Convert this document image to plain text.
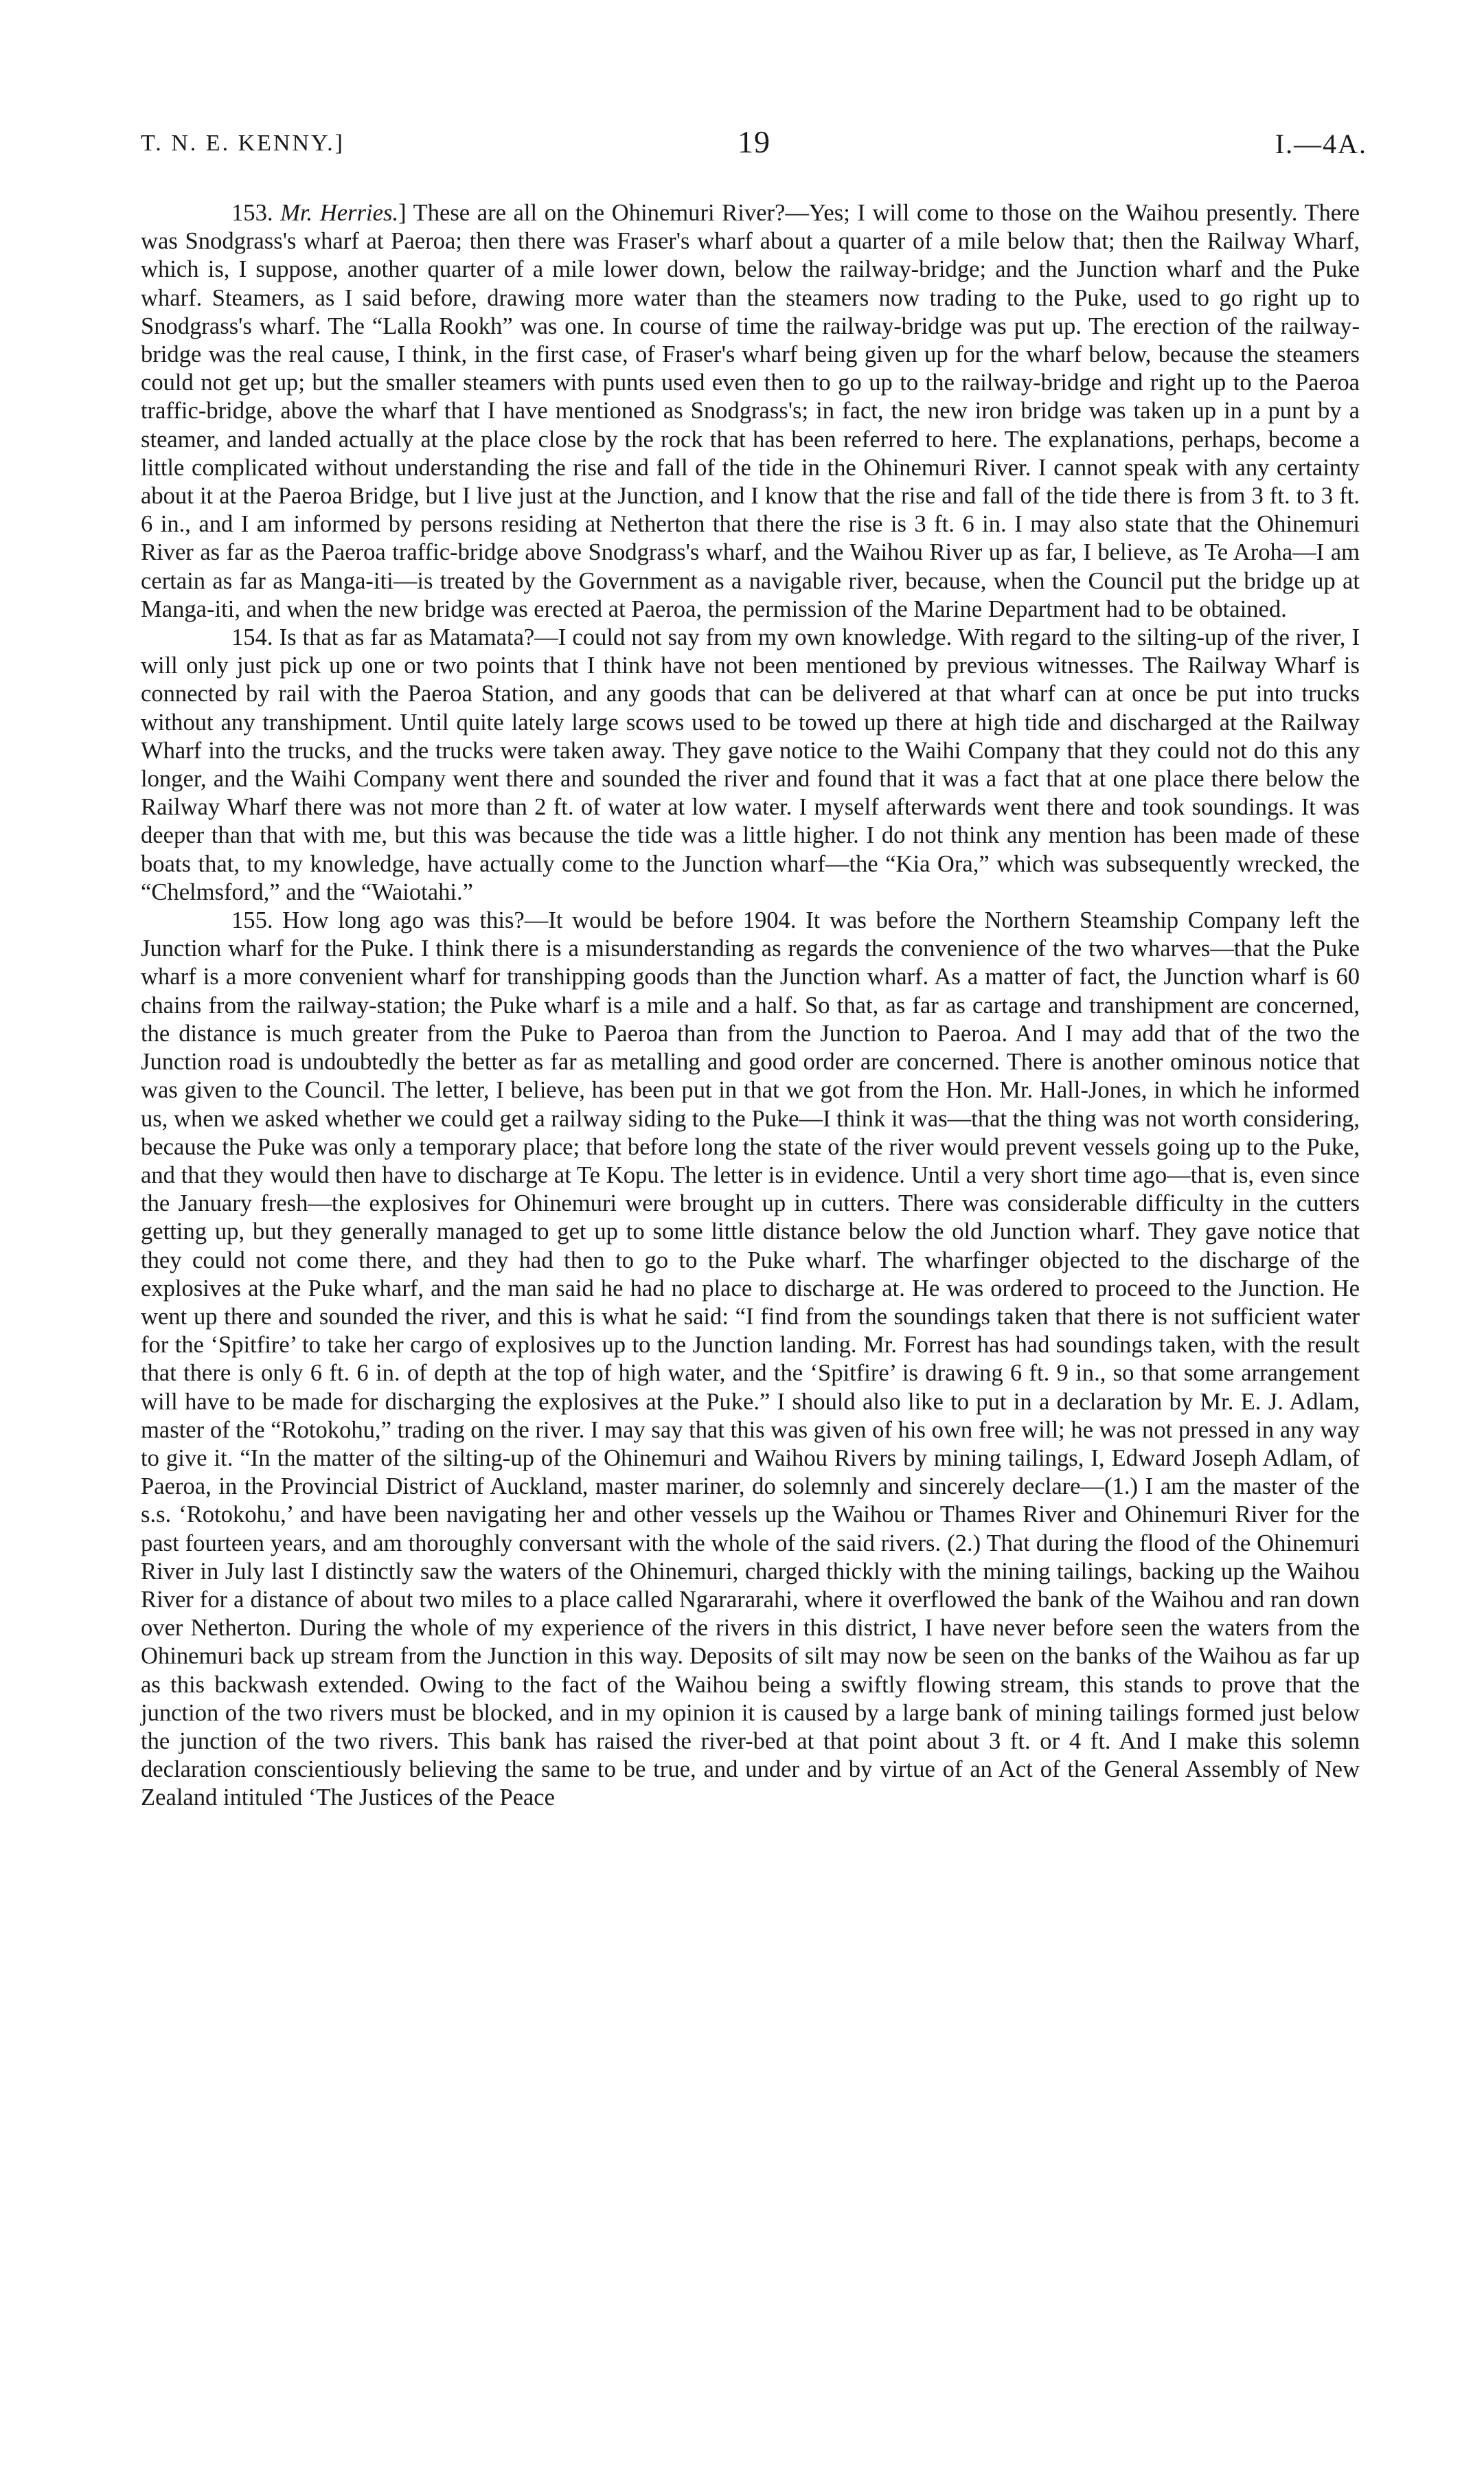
T. N. E. KENNY.]	19	I.—4A.

153. Mr. Herries.] These are all on the Ohinemuri River?—Yes; I will come to those on the Waihou presently. There was Snodgrass's wharf at Paeroa; then there was Fraser's wharf about a quarter of a mile below that; then the Railway Wharf, which is, I suppose, another quarter of a mile lower down, below the railway-bridge; and the Junction wharf and the Puke wharf. Steamers, as I said before, drawing more water than the steamers now trading to the Puke, used to go right up to Snodgrass's wharf. The “Lalla Rookh” was one. In course of time the railway-bridge was put up. The erection of the railway-bridge was the real cause, I think, in the first case, of Fraser's wharf being given up for the wharf below, because the steamers could not get up; but the smaller steamers with punts used even then to go up to the railway-bridge and right up to the Paeroa traffic-bridge, above the wharf that I have mentioned as Snodgrass's; in fact, the new iron bridge was taken up in a punt by a steamer, and landed actually at the place close by the rock that has been referred to here. The explanations, perhaps, become a little complicated without understanding the rise and fall of the tide in the Ohinemuri River. I cannot speak with any certainty about it at the Paeroa Bridge, but I live just at the Junction, and I know that the rise and fall of the tide there is from 3 ft. to 3 ft. 6 in., and I am informed by persons residing at Netherton that there the rise is 3 ft. 6 in. I may also state that the Ohinemuri River as far as the Paeroa traffic-bridge above Snodgrass's wharf, and the Waihou River up as far, I believe, as Te Aroha—I am certain as far as Manga-iti—is treated by the Government as a navigable river, because, when the Council put the bridge up at Manga-iti, and when the new bridge was erected at Paeroa, the permission of the Marine Department had to be obtained.

154. Is that as far as Matamata?—I could not say from my own knowledge. With regard to the silting-up of the river, I will only just pick up one or two points that I think have not been mentioned by previous witnesses. The Railway Wharf is connected by rail with the Paeroa Station, and any goods that can be delivered at that wharf can at once be put into trucks without any transhipment. Until quite lately large scows used to be towed up there at high tide and discharged at the Railway Wharf into the trucks, and the trucks were taken away. They gave notice to the Waihi Company that they could not do this any longer, and the Waihi Company went there and sounded the river and found that it was a fact that at one place there below the Railway Wharf there was not more than 2 ft. of water at low water. I myself afterwards went there and took soundings. It was deeper than that with me, but this was because the tide was a little higher. I do not think any mention has been made of these boats that, to my knowledge, have actually come to the Junction wharf—the “Kia Ora,” which was subsequently wrecked, the “Chelmsford,” and the “Waiotahi.”

155. How long ago was this?—It would be before 1904. It was before the Northern Steamship Company left the Junction wharf for the Puke. I think there is a misunderstanding as regards the convenience of the two wharves—that the Puke wharf is a more convenient wharf for transhipping goods than the Junction wharf. As a matter of fact, the Junction wharf is 60 chains from the railway-station; the Puke wharf is a mile and a half. So that, as far as cartage and transhipment are concerned, the distance is much greater from the Puke to Paeroa than from the Junction to Paeroa. And I may add that of the two the Junction road is undoubtedly the better as far as metalling and good order are concerned. There is another ominous notice that was given to the Council. The letter, I believe, has been put in that we got from the Hon. Mr. Hall-Jones, in which he informed us, when we asked whether we could get a railway siding to the Puke—I think it was—that the thing was not worth considering, because the Puke was only a temporary place; that before long the state of the river would prevent vessels going up to the Puke, and that they would then have to discharge at Te Kopu. The letter is in evidence. Until a very short time ago—that is, even since the January fresh—the explosives for Ohinemuri were brought up in cutters. There was considerable difficulty in the cutters getting up, but they generally managed to get up to some little distance below the old Junction wharf. They gave notice that they could not come there, and they had then to go to the Puke wharf. The wharfinger objected to the discharge of the explosives at the Puke wharf, and the man said he had no place to discharge at. He was ordered to proceed to the Junction. He went up there and sounded the river, and this is what he said: “I find from the soundings taken that there is not sufficient water for the ‘Spitfire’ to take her cargo of explosives up to the Junction landing. Mr. Forrest has had soundings taken, with the result that there is only 6 ft. 6 in. of depth at the top of high water, and the ‘Spitfire’ is drawing 6 ft. 9 in., so that some arrangement will have to be made for discharging the explosives at the Puke.” I should also like to put in a declaration by Mr. E. J. Adlam, master of the “Rotokohu,” trading on the river. I may say that this was given of his own free will; he was not pressed in any way to give it. “In the matter of the silting-up of the Ohinemuri and Waihou Rivers by mining tailings, I, Edward Joseph Adlam, of Paeroa, in the Provincial District of Auckland, master mariner, do solemnly and sincerely declare—(1.) I am the master of the s.s. ‘Rotokohu,’ and have been navigating her and other vessels up the Waihou or Thames River and Ohinemuri River for the past fourteen years, and am thoroughly conversant with the whole of the said rivers. (2.) That during the flood of the Ohinemuri River in July last I distinctly saw the waters of the Ohinemuri, charged thickly with the mining tailings, backing up the Waihou River for a distance of about two miles to a place called Ngarararahi, where it overflowed the bank of the Waihou and ran down over Netherton. During the whole of my experience of the rivers in this district, I have never before seen the waters from the Ohinemuri back up stream from the Junction in this way. Deposits of silt may now be seen on the banks of the Waihou as far up as this backwash extended. Owing to the fact of the Waihou being a swiftly flowing stream, this stands to prove that the junction of the two rivers must be blocked, and in my opinion it is caused by a large bank of mining tailings formed just below the junction of the two rivers. This bank has raised the river-bed at that point about 3 ft. or 4 ft. And I make this solemn declaration conscientiously believing the same to be true, and under and by virtue of an Act of the General Assembly of New Zealand intituled ‘The Justices of the Peace
